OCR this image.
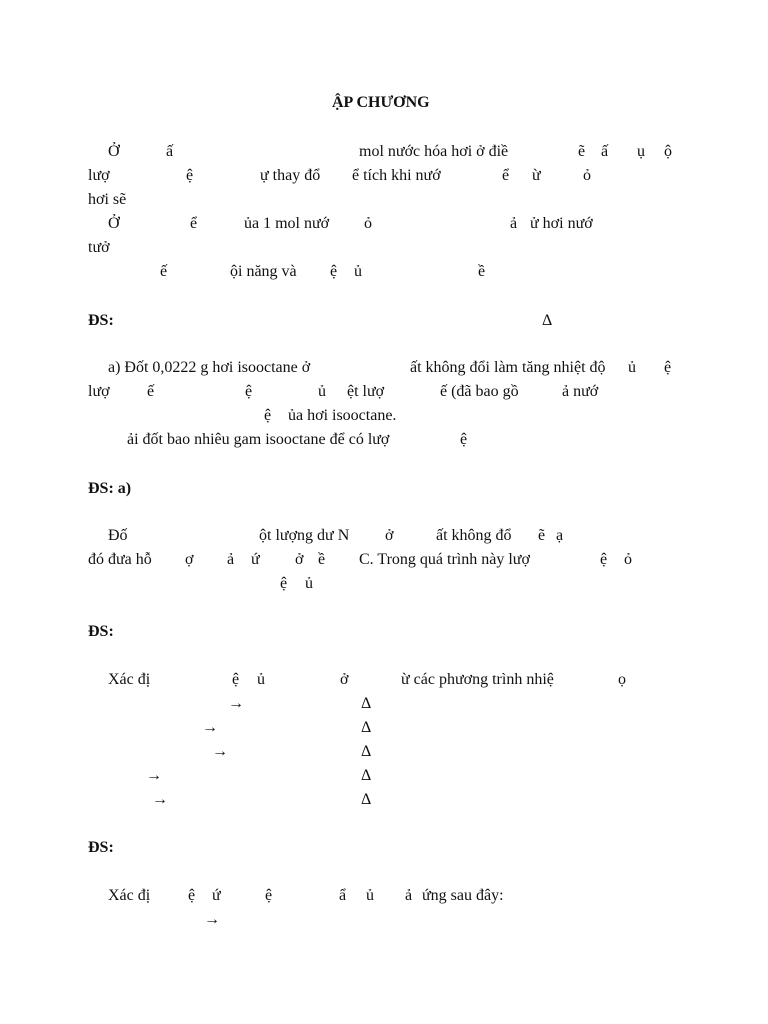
ẬP CHƯƠNG
Ở	ấ	mol nước hóa hơi ở điề	ẽ ấ ụ ộ
lượ	ệ	ự thay đổ ể tích khi nướ	ể ừ	ỏ
hơi sẽ
Ở	ể	ủa 1 mol nướ ỏ	ả ử hơi nướ
tưở
ế	ội năng và ệ ủ	ề
ĐS:	Δ
a) Đốt 0,0222 g hơi isooctane ở	ất không đổi làm tăng nhiệt độ ủ ệ
lượ ế	ệ	ủ ệt lượ	ế (đã bao gồ	ả nướ
ệ ủa hơi isooctane.
ải đốt bao nhiêu gam isooctane để có lượ	ệ
ĐS: a)
Đố	ột lượng dư N ở	ất không đổ ẽ ạ
đó đưa hỗ ợ ả ứ ở ề C. Trong quá trình này lượ	ệ ỏ
ệ ủ
ĐS:
Xác đị	ệ ủ	ở	ừ các phương trình nhiệ	ọ
→	Δ
→	Δ
→	Δ
→	Δ
→	Δ
ĐS:
Xác đị ệ ứ	ệ	ẩ ủ ả ứng sau đây:
→
